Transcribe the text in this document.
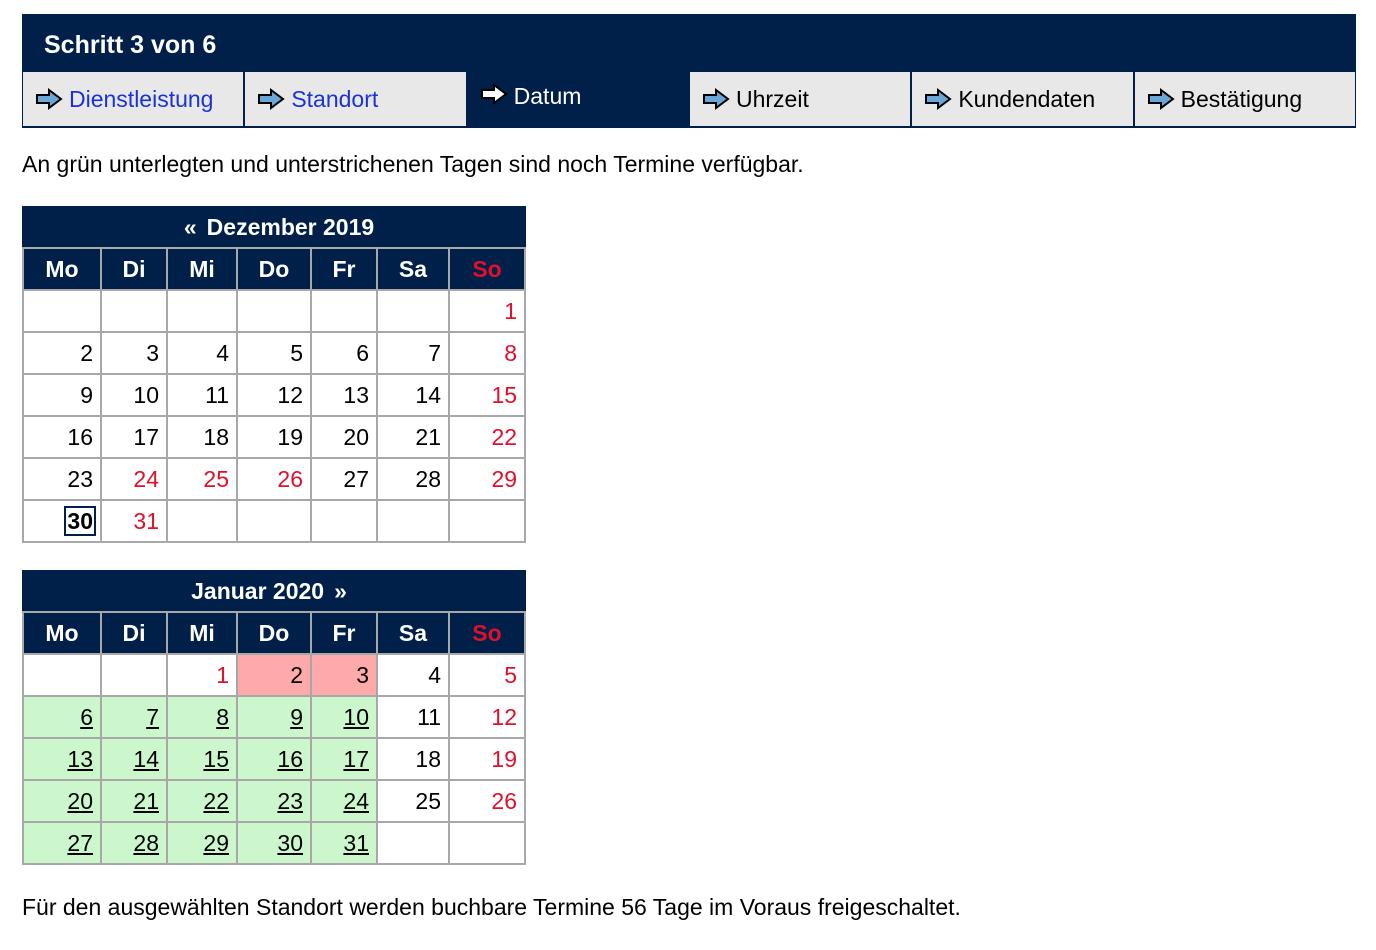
Schritt 3 von 6
Dienstleistung	Standort	Datum	Uhrzeit	Kundendaten	Bestätigung
An grün unterlegten und unterstrichenen Tagen sind noch Termine verfügbar.
« Dezember 2019						
Mo	Di	Mi	Do	Fr	Sa	So
						1
2	3	4	5	6	7	8
9	10	11	12	13	14	15
16	17	18	19	20	21	22
23	24	25	26	27	28	29
30	31					
Januar 2020 »						
Mo	Di	Mi	Do	Fr	Sa	So
		1	2	3	4	5
6	7	8	9	10	11	12
13	14	15	16	17	18	19
20	21	22	23	24	25	26
27	28	29	30	31		
Für den ausgewählten Standort werden buchbare Termine 56 Tage im Voraus freigeschaltet.
